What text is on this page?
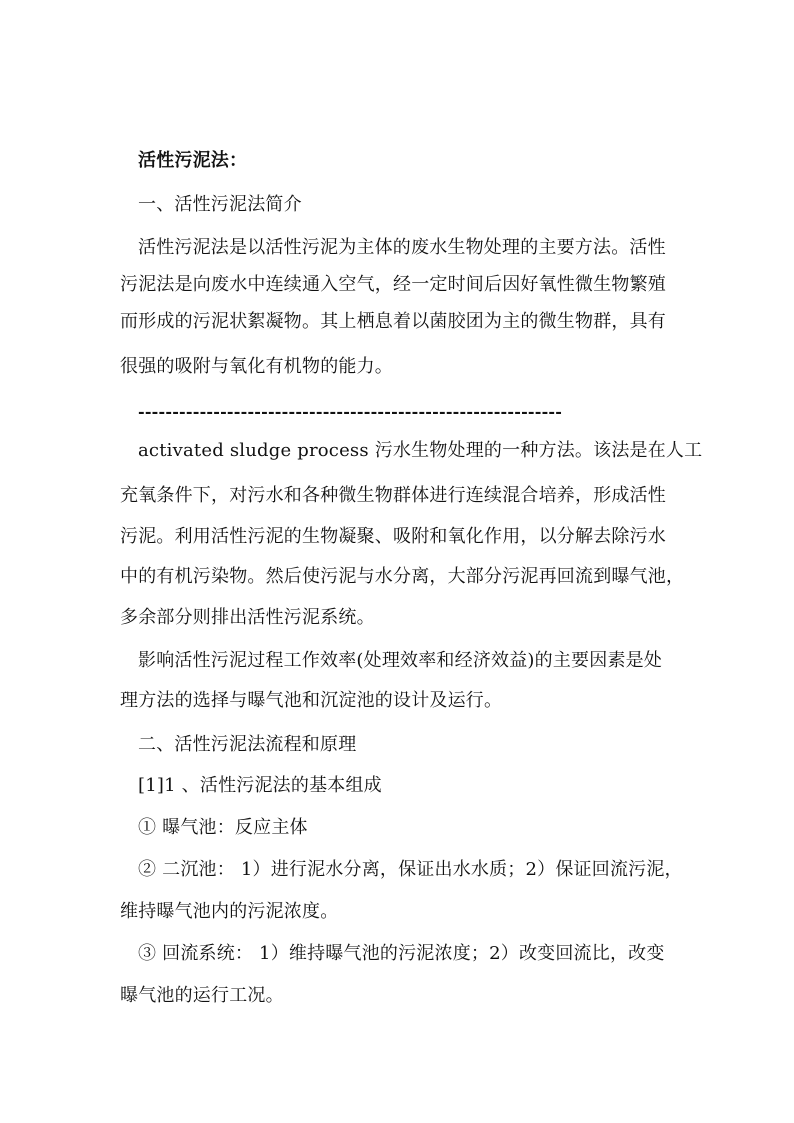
活性污泥法：
一、活性污泥法简介
活性污泥法是以活性污泥为主体的废水生物处理的主要方法。活性
污泥法是向废水中连续通入空气，经一定时间后因好氧性微生物繁殖
而形成的污泥状絮凝物。其上栖息着以菌胶团为主的微生物群，具有
很强的吸附与氧化有机物的能力。
--------------------------------------------------------------
activated sludge process 污水生物处理的一种方法。该法是在人工
充氧条件下，对污水和各种微生物群体进行连续混合培养，形成活性
污泥。利用活性污泥的生物凝聚、吸附和氧化作用，以分解去除污水
中的有机污染物。然后使污泥与水分离，大部分污泥再回流到曝气池，
多余部分则排出活性污泥系统。
影响活性污泥过程工作效率(处理效率和经济效益)的主要因素是处
理方法的选择与曝气池和沉淀池的设计及运行。
二、活性污泥法流程和原理
[1]1 、活性污泥法的基本组成
① 曝气池：反应主体
② 二沉池： 1）进行泥水分离，保证出水水质；2）保证回流污泥，
维持曝气池内的污泥浓度。
③ 回流系统： 1）维持曝气池的污泥浓度；2）改变回流比，改变
曝气池的运行工况。
